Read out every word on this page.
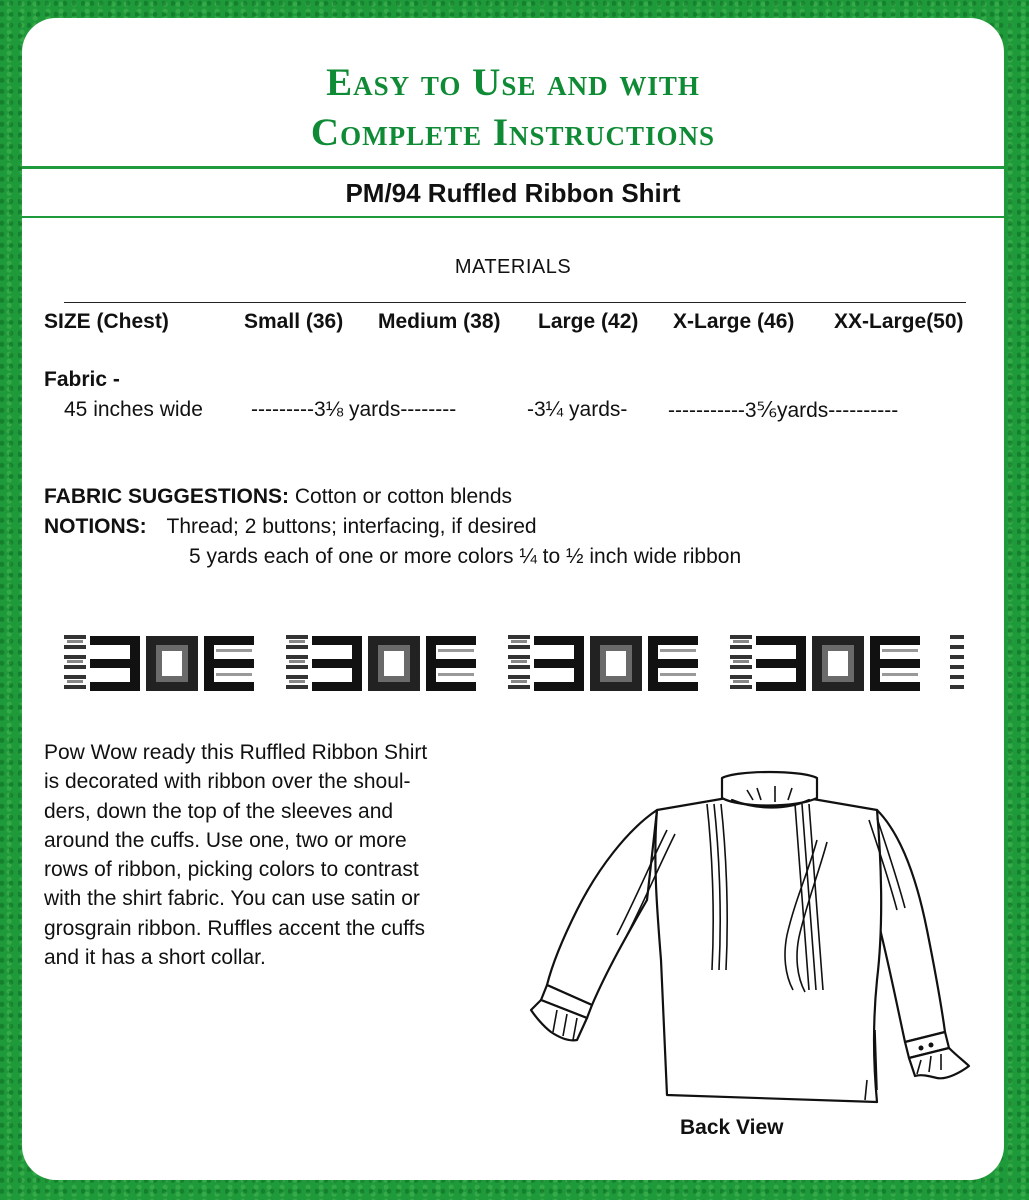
Easy to Use and with
Complete Instructions
PM/94 Ruffled Ribbon Shirt
MATERIALS
SIZE (Chest)	Small (36) Medium (38) Large (42) X-Large (46) XX-Large(50)
Fabric -
45 inches wide ---------3⅛ yards--------	-3¼ yards- -----------3⅚yards----------
FABRIC SUGGESTIONS: Cotton or cotton blends
NOTIONS: Thread; 2 buttons; interfacing, if desired
5 yards each of one or more colors ¼ to ½ inch wide ribbon
Pow Wow ready this Ruffled Ribbon Shirt
is decorated with ribbon over the shoul-
ders, down the top of the sleeves and
around the cuffs. Use one, two or more
rows of ribbon, picking colors to contrast
with the shirt fabric. You can use satin or
grosgrain ribbon. Ruffles accent the cuffs
and it has a short collar.
Back View
